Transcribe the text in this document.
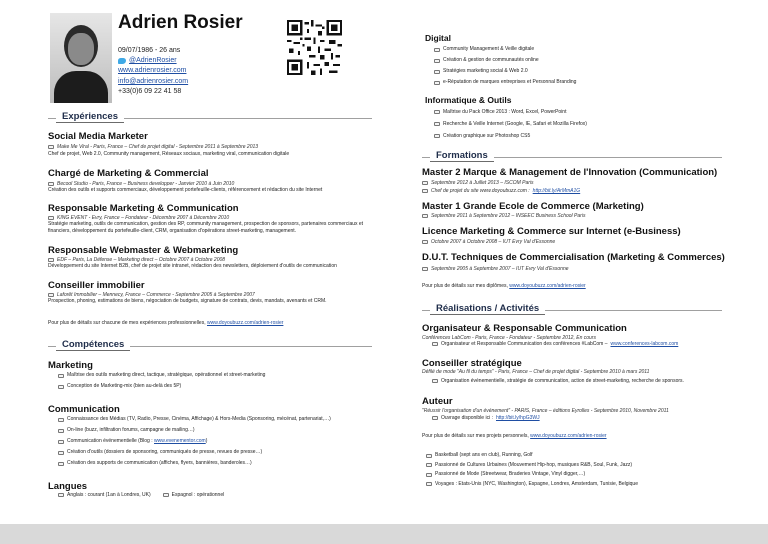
Adrien Rosier
09/07/1986 - 26 ans
@AdrienRosier
www.adrienrosier.com
info@adrienrosier.com
+33(0)6 09 22 41 58
Expériences
Social Media Marketer
Make Me Viral - Paris, France – Chef de projet digital - Septembre 2011 à Septembre 2013
Chef de projet, Web 2.0, Community management, Réseaux sociaux, marketing viral, communication digitale
Chargé de Marketing & Commercial
Becool Studio - Paris, France – Business developper - Janvier 2010 à Juin 2010
Création des outils et supports commerciaux, développement portefeuille-clients, référencement et rédaction du site Internet
Responsable Marketing & Communication
KING EVENT - Evry, France – Fondateur - Décembre 2007 à Décembre 2010
Stratégie marketing, outils de communication, gestion des RP, community management, prospection de sponsors, partenaires commerciaux et financiers, développement du portefeuille-client, CRM, organisation d'opérations street-marketing, management.
Responsable Webmaster & Webmarketing
EDF – Paris, La Défense – Marketing direct – Octobre 2007 à Octobre 2008
Développement du site Internet B2B, chef de projet site intranet, rédaction des newsletters, déploiement d'outils de communication
Conseiller immobilier
Laforêt Immobilier – Mennecy, France – Commerce - Septembre 2005 à Septembre 2007
Prospection, phoning, estimations de biens, négociation de budgets, signature de contrats, devis, mandats, avenants et CRM.
Pour plus de détails sur chacune de mes expériences professionnelles, www.doyoubuzz.com/adrien-rosier
Compétences
Marketing
Maîtrise des outils marketing direct, tactique, stratégique, opérationnel et street-marketing
Conception de Marketing-mix (bien au-delà des 5P)
Communication
Connaissance des Médias (TV, Radio, Presse, Cinéma, Affichage) & Hors-Media (Sponsoring, mécénat, partenariat,…)
On-line (buzz, infiltration forums, campagne de mailing…)
Communication événementielle (Blog : www.evenementor.com)
Création d'outils (dossiers de sponsoring, communiqués de presse, revues de presse…)
Création des supports de communication (affiches, flyers, bannières, banderoles…)
Langues
Anglais : courant (1an à Londres, UK)	Espagnol : opérationnel
Digital
Community Management & Veille digitale
Création & gestion de communautés online
Stratégies marketing social & Web 2.0
e-Réputation de marques entreprises et Personnal Branding
Informatique & Outils
Maîtrise du Pack Office 2013 : Word, Excel, PowerPoint
Recherche & Veille Internet (Google, IE, Safari et Mozilla Firefox)
Création graphique sur Photoshop CS5
Formations
Master 2 Marque & Management de l'Innovation (Communication)
Septembre 2012 à Juillet 2013 – ISCOM Paris
Chef de projet du site www.doyoubuzz.com : http://bit.ly/ArMmA1G
Master 1 Grande Ecole de Commerce (Marketing)
Septembre 2011 à Septembre 2012 – INSEEC Business School Paris
Licence Marketing & Commerce sur Internet (e-Business)
Octobre 2007 à Octobre 2008 – IUT Evry Val d'Essonne
D.U.T. Techniques de Commercialisation (Marketing & Commerces)
Septembre 2005 à Septembre 2007 – IUT Evry Val d'Essonne
Pour plus de détails sur mes diplômes, www.doyoubuzz.com/adrien-rosier
Réalisations / Activités
Organisateur & Responsable Communication
Conférences LabCom - Paris, France - Fondateur - Septembre 2012, En cours
Organisateur et Responsable Communication des conférences #LabCom – www.conferences-labcom.com
Conseiller stratégique
Défilé de mode "Au fil du temps" - Paris, France – Chef de projet digital - Septembre 2010 à mars 2011
Organisation événementielle, stratégie de communication, action de street-marketing, recherche de sponsors.
Auteur
"Réussir l'organisation d'un événement" - PARIS, France – éditions Eyrolles - Septembre 2010, Novembre 2011
Ouvrage disponible ici : http://bit.ly/hpG3WJ
Pour plus de détails sur mes projets personnels, www.doyoubuzz.com/adrien-rosier
Basketball (sept ans en club), Running, Golf
Passionné de Cultures Urbaines (Mouvement Hip-hop, musiques R&B, Soul, Funk, Jazz)
Passionné de Mode (Streetwear, Braderies Vintage, Vinyl digger,…)
Voyages : Etats-Unis (NYC, Washington), Espagne, Londres, Amsterdam, Tunisie, Belgique
